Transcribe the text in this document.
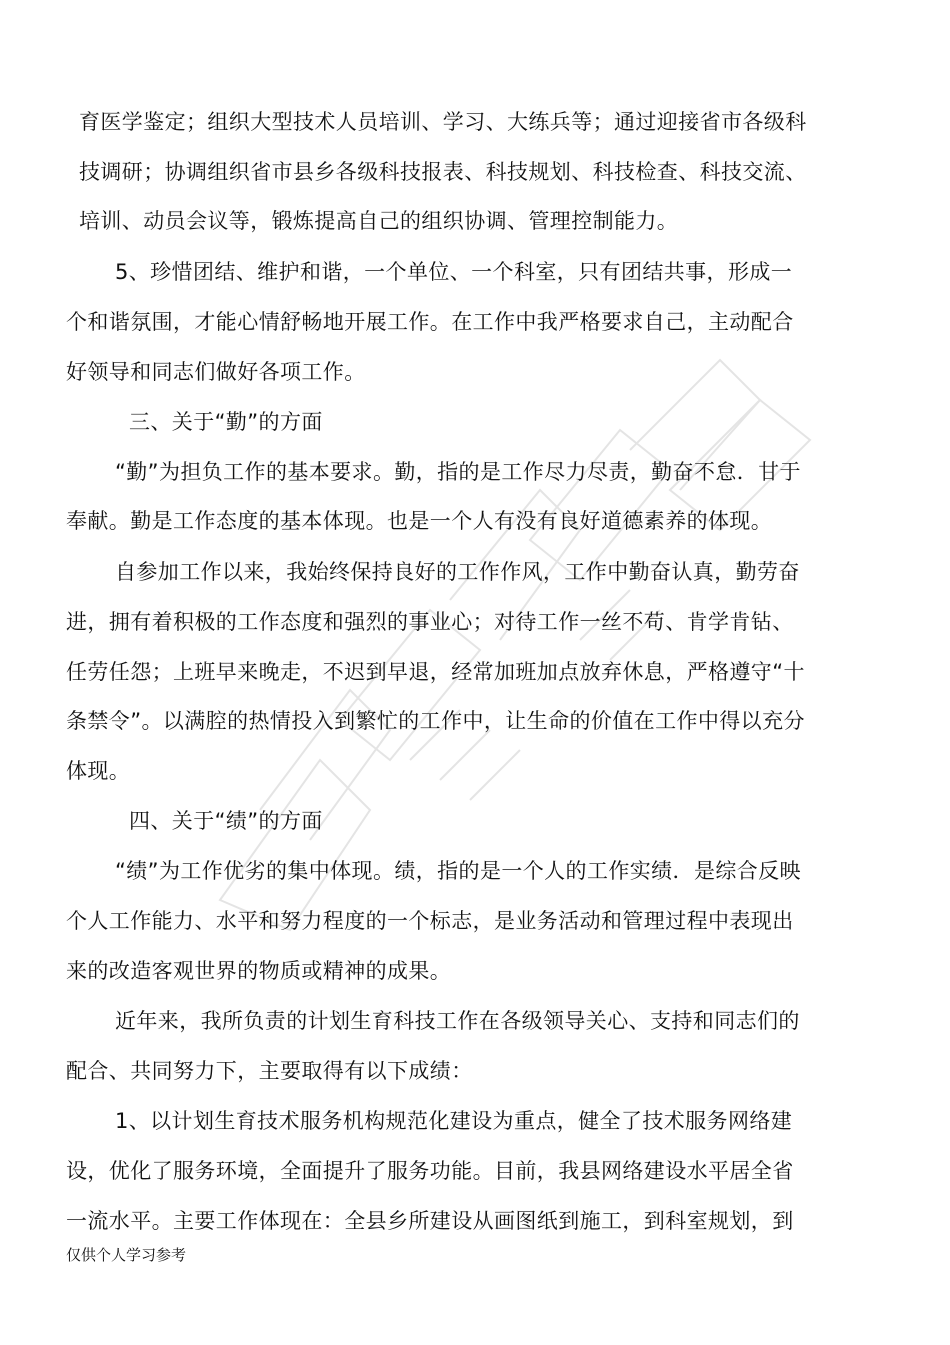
育医学鉴定；组织大型技术人员培训、学习、大练兵等；通过迎接省市各级科

技调研；协调组织省市县乡各级科技报表、科技规划、科技检查、科技交流、

培训、动员会议等，锻炼提高自己的组织协调、管理控制能力。

5、珍惜团结、维护和谐，一个单位、一个科室，只有团结共事，形成一

个和谐氛围，才能心情舒畅地开展工作。在工作中我严格要求自己，主动配合

好领导和同志们做好各项工作。

三、关于“勤”的方面

“勤”为担负工作的基本要求。勤，指的是工作尽力尽责，勤奋不怠．甘于

奉献。勤是工作态度的基本体现。也是一个人有没有良好道德素养的体现。

自参加工作以来，我始终保持良好的工作作风，工作中勤奋认真，勤劳奋

进，拥有着积极的工作态度和强烈的事业心；对待工作一丝不苟、肯学肯钻、

任劳任怨；上班早来晚走，不迟到早退，经常加班加点放弃休息，严格遵守“十

条禁令”。以满腔的热情投入到繁忙的工作中，让生命的价值在工作中得以充分

体现。

四、关于“绩”的方面

“绩”为工作优劣的集中体现。绩，指的是一个人的工作实绩．是综合反映

个人工作能力、水平和努力程度的一个标志，是业务活动和管理过程中表现出

来的改造客观世界的物质或精神的成果。

近年来，我所负责的计划生育科技工作在各级领导关心、支持和同志们的

配合、共同努力下，主要取得有以下成绩：

1、以计划生育技术服务机构规范化建设为重点，健全了技术服务网络建

设，优化了服务环境，全面提升了服务功能。目前，我县网络建设水平居全省

一流水平。主要工作体现在：全县乡所建设从画图纸到施工，到科室规划，到

仅供个人学习参考
